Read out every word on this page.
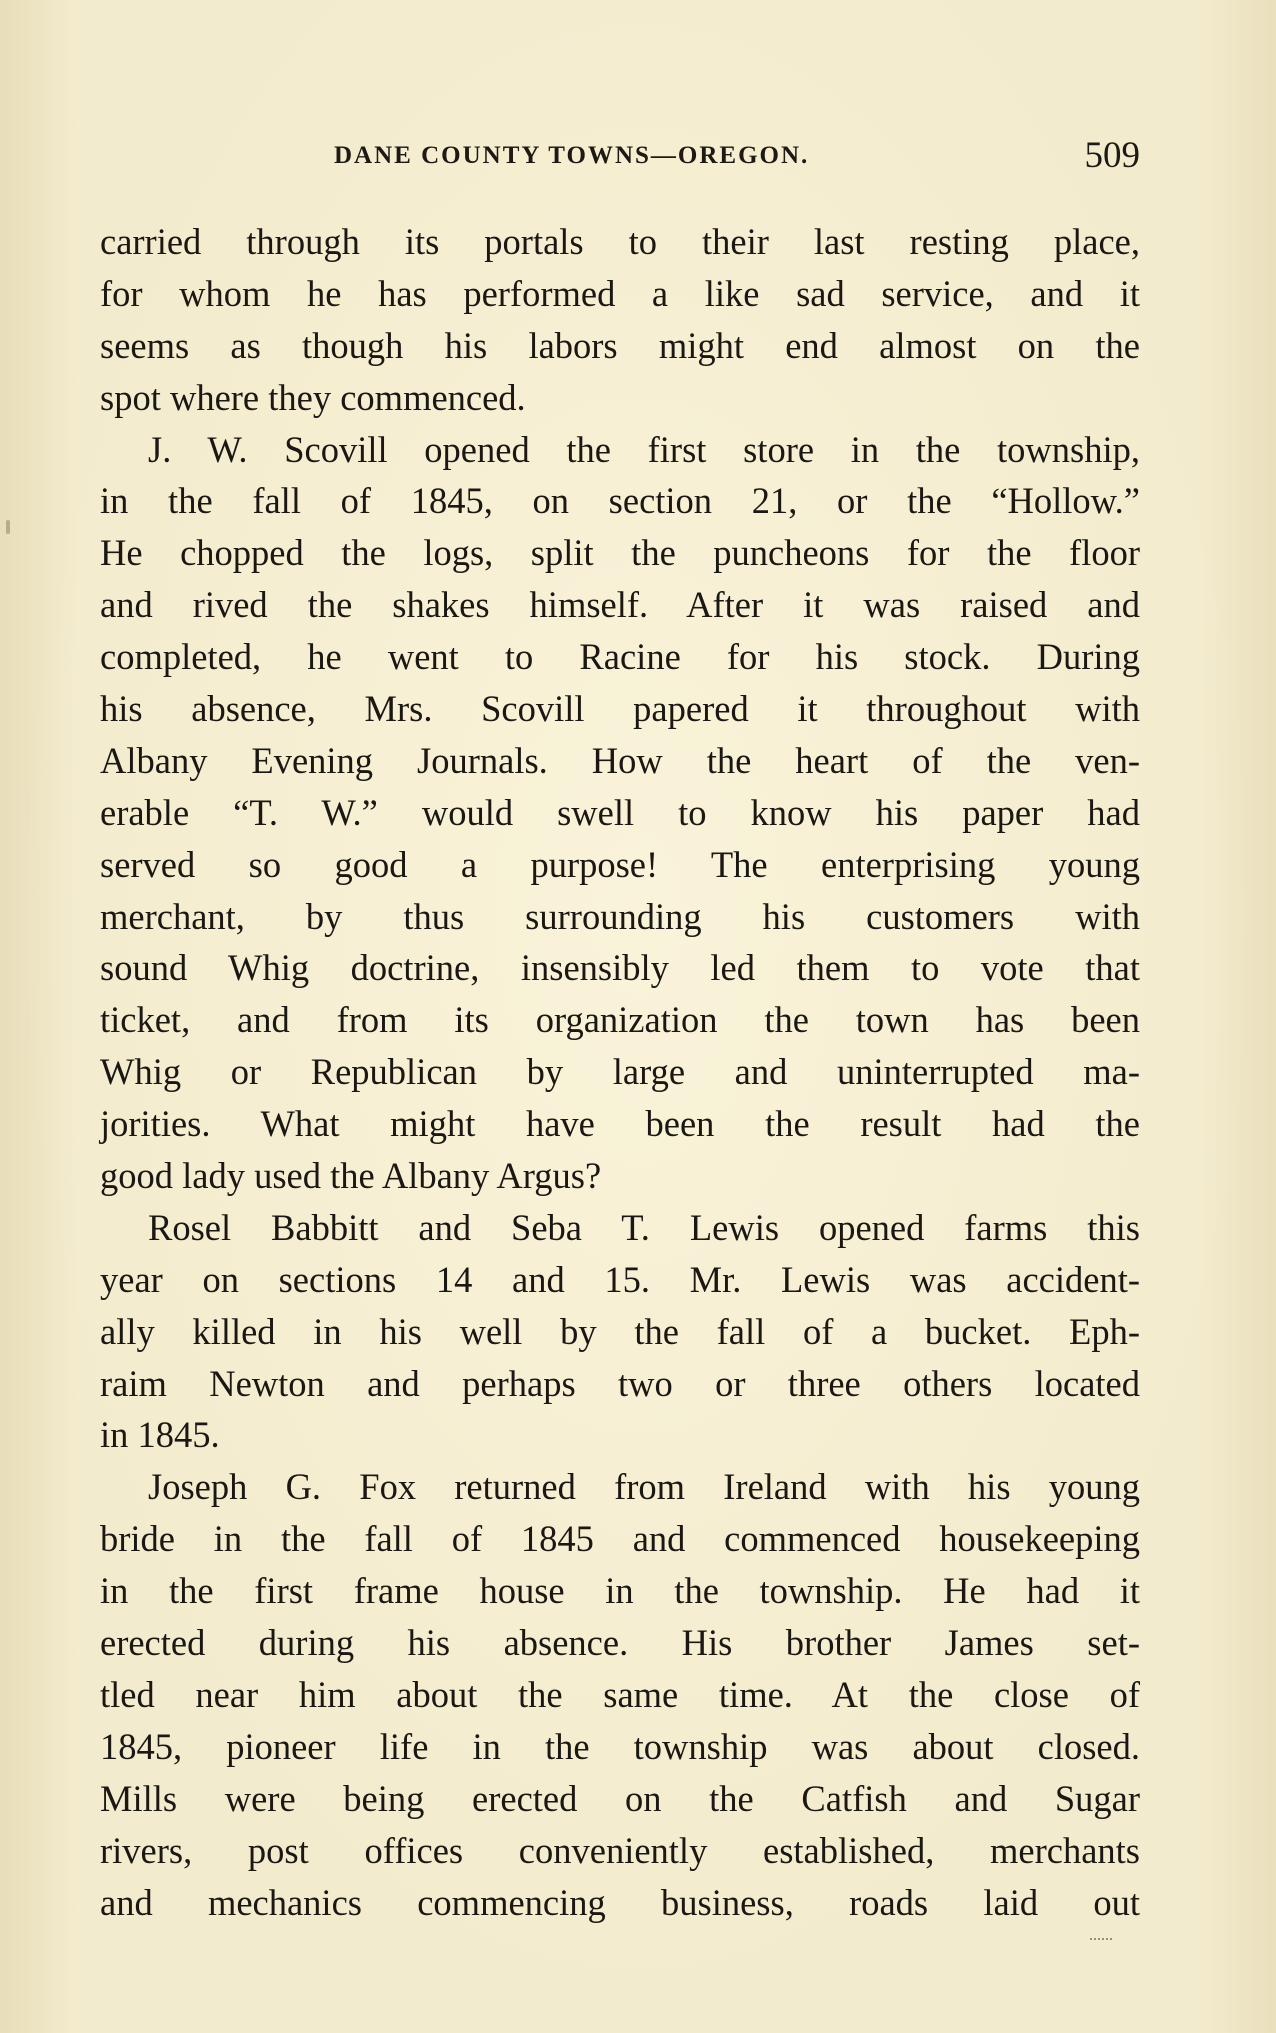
DANE COUNTY TOWNS—OREGON.	509
carried through its portals to their last resting place,
for whom he has performed a like sad service, and it
seems as though his labors might end almost on the
spot where they commenced.
J. W. Scovill opened the first store in the township,
in the fall of 1845, on section 21, or the “Hollow.”
He chopped the logs, split the puncheons for the floor
and rived the shakes himself. After it was raised and
completed, he went to Racine for his stock. During
his absence, Mrs. Scovill papered it throughout with
Albany Evening Journals. How the heart of the ven-
erable “T. W.” would swell to know his paper had
served so good a purpose! The enterprising young
merchant, by thus surrounding his customers with
sound Whig doctrine, insensibly led them to vote that
ticket, and from its organization the town has been
Whig or Republican by large and uninterrupted ma-
jorities. What might have been the result had the
good lady used the Albany Argus?
Rosel Babbitt and Seba T. Lewis opened farms this
year on sections 14 and 15. Mr. Lewis was accident-
ally killed in his well by the fall of a bucket. Eph-
raim Newton and perhaps two or three others located
in 1845.
Joseph G. Fox returned from Ireland with his young
bride in the fall of 1845 and commenced housekeeping
in the first frame house in the township. He had it
erected during his absence. His brother James set-
tled near him about the same time. At the close of
1845, pioneer life in the township was about closed.
Mills were being erected on the Catfish and Sugar
rivers, post offices conveniently established, merchants
and mechanics commencing business, roads laid out
